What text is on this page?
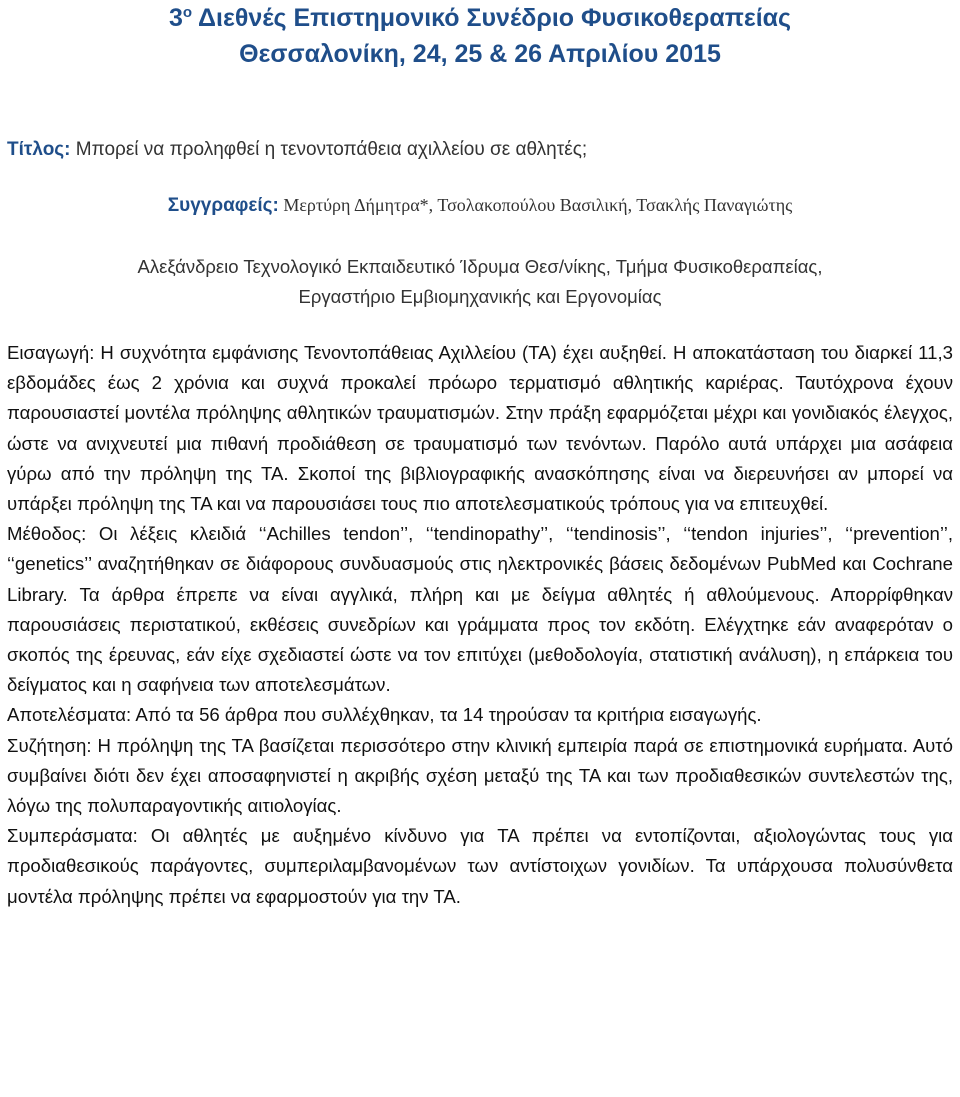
$3^o$ Διεθνές Επιστημονικό Συνέδριο Φυσικοθεραπείας
Θεσσαλονίκη, 24, 25 & 26 Απριλίου 2015
Τίτλος: Μπορεί να προληφθεί η τενοντοπάθεια αχιλλείου σε αθλητές;
Συγγραφείς: Μερτύρη Δήμητρα*, Τσολακοπούλου Βασιλική, Τσακλής Παναγιώτης
Αλεξάνδρειο Τεχνολογικό Εκπαιδευτικό Ίδρυμα Θεσ/νίκης, Τμήμα Φυσικοθεραπείας,
Εργαστήριο Εμβιομηχανικής και Εργονομίας

Εισαγωγή: Η συχνότητα εμφάνισης Τενοντοπάθειας Αχιλλείου (ΤΑ) έχει αυξηθεί. Η αποκατάσταση του διαρκεί 11,3 εβδομάδες έως 2 χρόνια και συχνά προκαλεί πρόωρο τερματισμό αθλητικής καριέρας. Ταυτόχρονα έχουν παρουσιαστεί μοντέλα πρόληψης αθλητικών τραυματισμών. Στην πράξη εφαρμόζεται μέχρι και γονιδιακός έλεγχος, ώστε να ανιχνευτεί μια πιθανή προδιάθεση σε τραυματισμό των τενόντων. Παρόλο αυτά υπάρχει μια ασάφεια γύρω από την πρόληψη της ΤΑ. Σκοποί της βιβλιογραφικής ανασκόπησης είναι να διερευνήσει αν μπορεί να υπάρξει πρόληψη της ΤΑ και να παρουσιάσει τους πιο αποτελεσματικούς τρόπους για να επιτευχθεί.

Μέθοδος: Οι λέξεις κλειδιά ‘‘Achilles tendon’’, ‘‘tendinopathy’’, ‘‘tendinosis’’, ‘‘tendon injuries’’, ‘‘prevention’’, ‘‘genetics’’ αναζητήθηκαν σε διάφορους συνδυασμούς στις ηλεκτρονικές βάσεις δεδομένων PubMed και Cochrane Library. Τα άρθρα έπρεπε να είναι αγγλικά, πλήρη και με δείγμα αθλητές ή αθλούμενους. Απορρίφθηκαν παρουσιάσεις περιστατικού, εκθέσεις συνεδρίων και γράμματα προς τον εκδότη. Ελέγχτηκε εάν αναφερόταν ο σκοπός της έρευνας, εάν είχε σχεδιαστεί ώστε να τον επιτύχει (μεθοδολογία, στατιστική ανάλυση), η επάρκεια του δείγματος και η σαφήνεια των αποτελεσμάτων.

Αποτελέσματα: Από τα 56 άρθρα που συλλέχθηκαν, τα 14 τηρούσαν τα κριτήρια εισαγωγής.

Συζήτηση: Η πρόληψη της ΤΑ βασίζεται περισσότερο στην κλινική εμπειρία παρά σε επιστημονικά ευρήματα. Αυτό συμβαίνει διότι δεν έχει αποσαφηνιστεί η ακριβής σχέση μεταξύ της ΤΑ και των προδιαθεσικών συντελεστών της, λόγω της πολυπαραγοντικής αιτιολογίας.

Συμπεράσματα: Οι αθλητές με αυξημένο κίνδυνο για ΤΑ πρέπει να εντοπίζονται, αξιολογώντας τους για προδιαθεσικούς παράγοντες, συμπεριλαμβανομένων των αντίστοιχων γονιδίων. Τα υπάρχουσα πολυσύνθετα μοντέλα πρόληψης πρέπει να εφαρμοστούν για την ΤΑ.
